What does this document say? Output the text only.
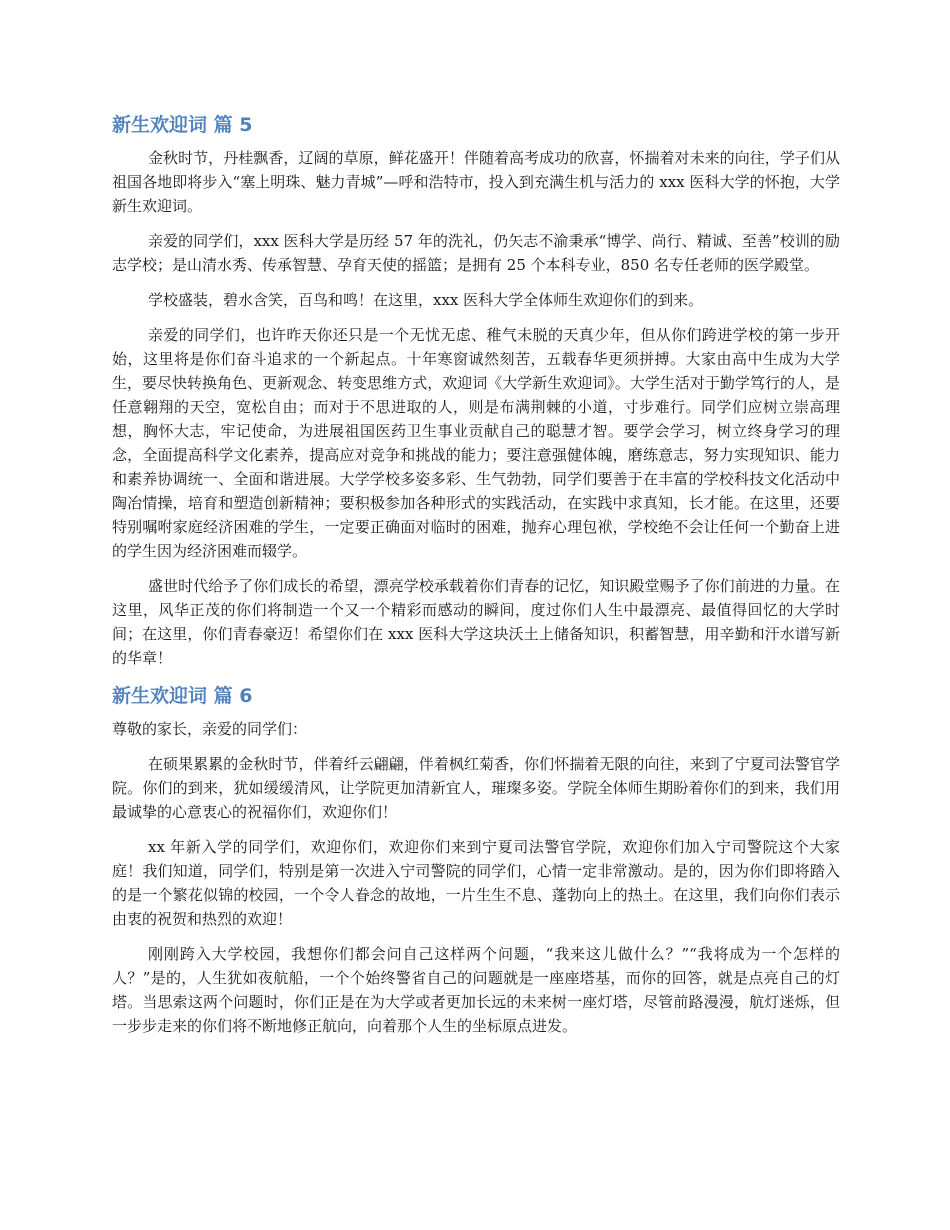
新生欢迎词 篇 5

金秋时节，丹桂飘香，辽阔的草原，鲜花盛开！伴随着高考成功的欣喜，怀揣着对未来的向往，学子们从祖国各地即将步入“塞上明珠、魅力青城”—呼和浩特市，投入到充满生机与活力的 xxx 医科大学的怀抱，大学新生欢迎词。

亲爱的同学们，xxx 医科大学是历经 57 年的洗礼，仍矢志不渝秉承“博学、尚行、精诚、至善”校训的励志学校；是山清水秀、传承智慧、孕育天使的摇篮；是拥有 25 个本科专业，850 名专任老师的医学殿堂。

学校盛装，碧水含笑，百鸟和鸣！在这里，xxx 医科大学全体师生欢迎你们的到来。

亲爱的同学们，也许昨天你还只是一个无忧无虑、稚气未脱的天真少年，但从你们跨进学校的第一步开始，这里将是你们奋斗追求的一个新起点。十年寒窗诚然刻苦，五载春华更须拼搏。大家由高中生成为大学生，要尽快转换角色、更新观念、转变思维方式，欢迎词《大学新生欢迎词》。大学生活对于勤学笃行的人，是任意翱翔的天空，宽松自由；而对于不思进取的人，则是布满荆棘的小道，寸步难行。同学们应树立崇高理想，胸怀大志，牢记使命，为进展祖国医药卫生事业贡献自己的聪慧才智。要学会学习，树立终身学习的理念，全面提高科学文化素养，提高应对竞争和挑战的能力；要注意强健体魄，磨练意志，努力实现知识、能力和素养协调统一、全面和谐进展。大学学校多姿多彩、生气勃勃，同学们要善于在丰富的学校科技文化活动中陶冶情操，培育和塑造创新精神；要积极参加各种形式的实践活动，在实践中求真知，长才能。在这里，还要特别嘱咐家庭经济困难的学生，一定要正确面对临时的困难，抛弃心理包袱，学校绝不会让任何一个勤奋上进的学生因为经济困难而辍学。

盛世时代给予了你们成长的希望，漂亮学校承载着你们青春的记忆，知识殿堂赐予了你们前进的力量。在这里，风华正茂的你们将制造一个又一个精彩而感动的瞬间，度过你们人生中最漂亮、最值得回忆的大学时间；在这里，你们青春豪迈！希望你们在 xxx 医科大学这块沃土上储备知识，积蓄智慧，用辛勤和汗水谱写新的华章！

新生欢迎词 篇 6

尊敬的家长，亲爱的同学们：

在硕果累累的金秋时节，伴着纤云翩翩，伴着枫红菊香，你们怀揣着无限的向往，来到了宁夏司法警官学院。你们的到来，犹如缓缓清风，让学院更加清新宜人，璀璨多姿。学院全体师生期盼着你们的到来，我们用最诚挚的心意衷心的祝福你们，欢迎你们！

xx 年新入学的同学们，欢迎你们，欢迎你们来到宁夏司法警官学院，欢迎你们加入宁司警院这个大家庭！我们知道，同学们，特别是第一次进入宁司警院的同学们，心情一定非常激动。是的，因为你们即将踏入的是一个繁花似锦的校园，一个令人眷念的故地，一片生生不息、蓬勃向上的热土。在这里，我们向你们表示由衷的祝贺和热烈的欢迎！

刚刚跨入大学校园，我想你们都会问自己这样两个问题，“我来这儿做什么？”“我将成为一个怎样的人？”是的，人生犹如夜航船，一个个始终警省自己的问题就是一座座塔基，而你的回答，就是点亮自己的灯塔。当思索这两个问题时，你们正是在为大学或者更加长远的未来树一座灯塔，尽管前路漫漫，航灯迷烁，但一步步走来的你们将不断地修正航向，向着那个人生的坐标原点进发。
